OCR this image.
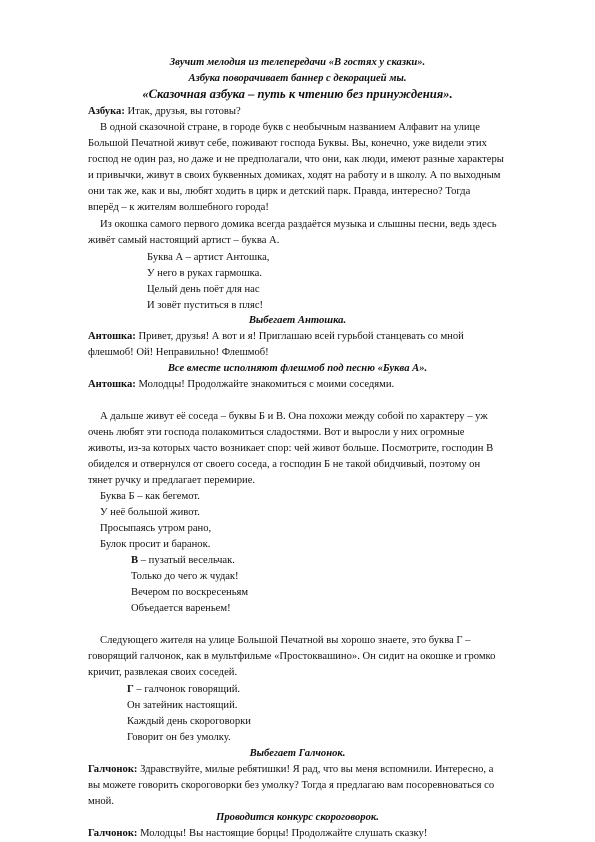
Звучит мелодия из телепередачи «В гостях у сказки».
Азбука поворачивает баннер с декорацией мы.
«Сказочная азбука – путь к чтению без принуждения».
Азбука: Итак, друзья, вы готовы?
В одной сказочной стране, в городе букв с необычным названием Алфавит на улице
Большой Печатной живут себе, поживают господа Буквы. Вы, конечно, уже видели этих
господ не один раз, но даже и не предполагали, что они, как люди, имеют разные характеры
и привычки, живут в своих буквенных домиках, ходят на работу и в школу. А по выходным
они так же, как и вы, любят ходить в цирк и детский парк. Правда, интересно? Тогда
вперёд – к жителям волшебного города!
Из окошка самого первого домика всегда раздаётся музыка и слышны песни, ведь здесь
живёт самый настоящий артист – буква А.
Буква А – артист Антошка,
У него в руках гармошка.
Целый день поёт для нас
И зовёт пуститься в пляс!
Выбегает Антошка.
Антошка: Привет, друзья! А вот и я! Приглашаю всей гурьбой станцевать со мной
флешмоб! Ой! Неправильно! Флешмоб!
Все вместе исполняют флешмоб под песню «Буква А».
Антошка: Молодцы! Продолжайте знакомиться с моими соседями.
А дальше живут её соседа – буквы Б и В. Она похожи между собой по характеру – уж
очень любят эти господа полакомиться сладостями. Вот и выросли у них огромные
животы, из-за которых часто возникает спор: чей живот больше. Посмотрите, господин В
обиделся и отвернулся от своего соседа, а господин Б не такой обидчивый, поэтому он
тянет ручку и предлагает перемирие.
Буква Б – как бегемот.
У неё большой живот.
Просыпаясь утром рано,
Булок просит и баранок.
В – пузатый весельчак.
Только до чего ж чудак!
Вечером по воскресеньям
Объедается вареньем!
Следующего жителя на улице Большой Печатной вы хорошо знаете, это буква Г –
говорящий галчонок, как в мультфильме «Простоквашино». Он сидит на окошке и громко
кричит, развлекая своих соседей.
Г – галчонок говорящий.
Он затейник настоящий.
Каждый день скороговорки
Говорит он без умолку.
Выбегает Галчонок.
Галчонок: Здравствуйте, милые ребятишки! Я рад, что вы меня вспомнили. Интересно, а
вы можете говорить скороговорки без умолку? Тогда я предлагаю вам посоревноваться со
мной.
Проводится конкурс скороговорок.
Галчонок: Молодцы! Вы настоящие борцы! Продолжайте слушать сказку!
